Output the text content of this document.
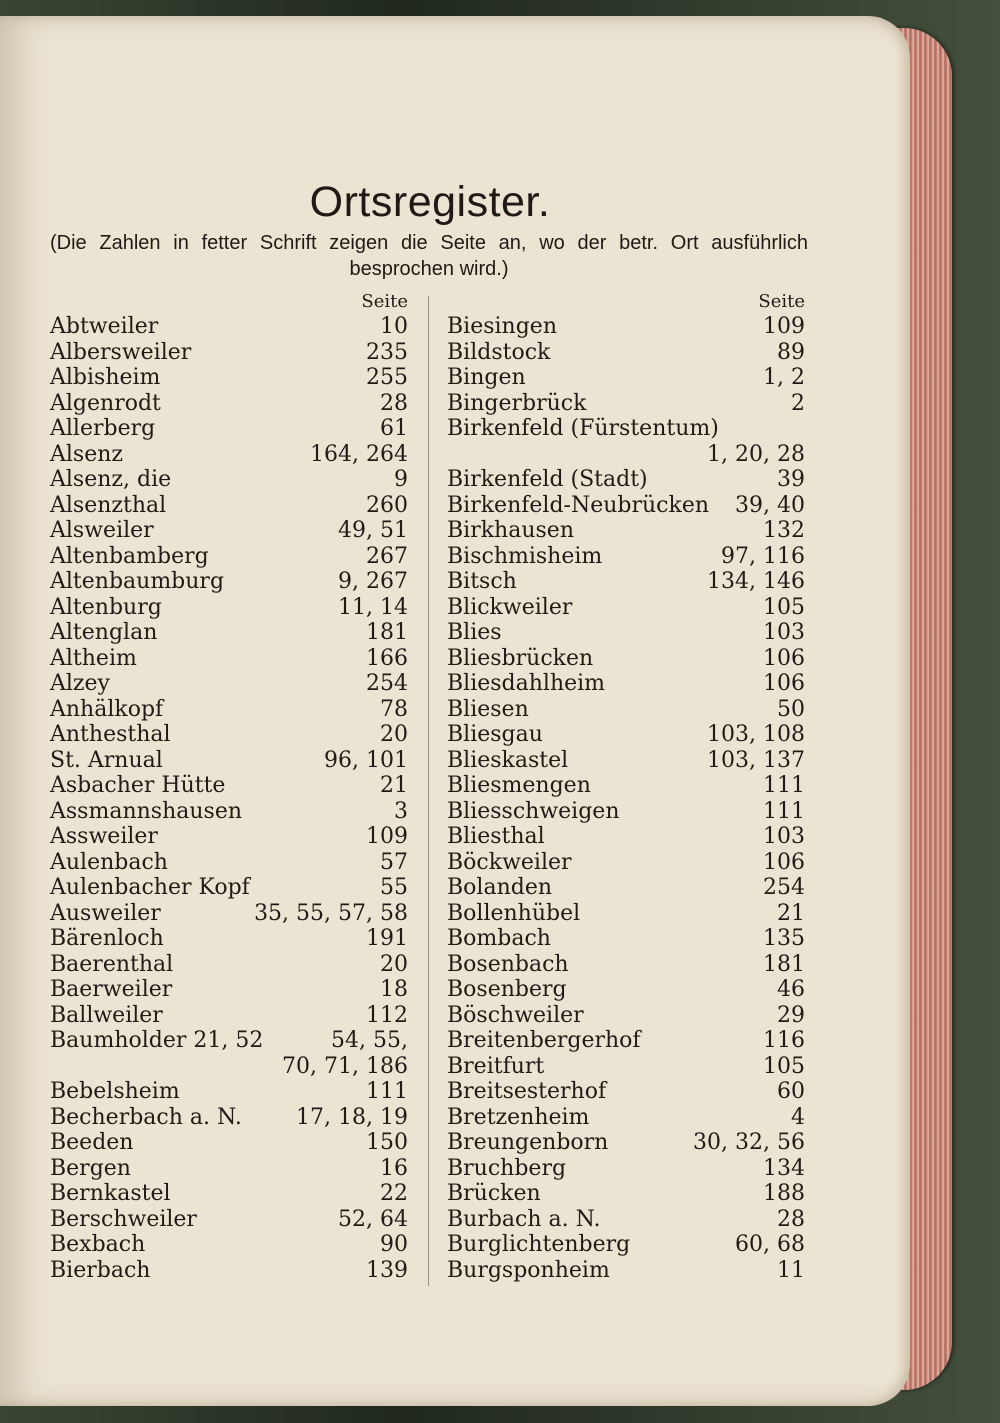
Ortsregister.
(Die Zahlen in fetter Schrift zeigen die Seite an, wo der betr. Ort ausführlich besprochen wird.)
Seite
Abtweiler	10
Albersweiler	235
Albisheim	255
Algenrodt	28
Allerberg	61
Alsenz	164, 264
Alsenz, die	9
Alsenzthal	260
Alsweiler	49, 51
Altenbamberg	267
Altenbaumburg	9, 267
Altenburg	11, 14
Altenglan	181
Altheim	166
Alzey	254
Anhälkopf	78
Anthesthal	20
St. Arnual	96, 101
Asbacher Hütte	21
Assmannshausen	3
Assweiler	109
Aulenbach	57
Aulenbacher Kopf	55
Ausweiler	35, 55, 57, 58
Bärenloch	191
Baerenthal	20
Baerweiler	18
Ballweiler	112
Baumholder 21, 52	54, 55,
70, 71, 186
Bebelsheim	111
Becherbach a. N. 17, 18, 19
Beeden	150
Bergen	16
Bernkastel	22
Berschweiler	52, 64
Bexbach	90
Bierbach	139
Seite
Biesingen	109
Bildstock	89
Bingen	1, 2
Bingerbrück	2
Birkenfeld (Fürstentum)
1, 20, 28
Birkenfeld (Stadt)	39
Birkenfeld-Neubrücken 39, 40
Birkhausen	132
Bischmisheim	97, 116
Bitsch	134, 146
Blickweiler	105
Blies	103
Bliesbrücken	106
Bliesdahlheim	106
Bliesen	50
Bliesgau	103, 108
Blieskastel	103, 137
Bliesmengen	111
Bliesschweigen	111
Bliesthal	103
Böckweiler	106
Bolanden	254
Bollenhübel	21
Bombach	135
Bosenbach	181
Bosenberg	46
Böschweiler	29
Breitenbergerhof	116
Breitfurt	105
Breitsesterhof	60
Bretzenheim	4
Breungenborn	30, 32, 56
Bruchberg	134
Brücken	188
Burbach a. N.	28
Burglichtenberg	60, 68
Burgsponheim	11
